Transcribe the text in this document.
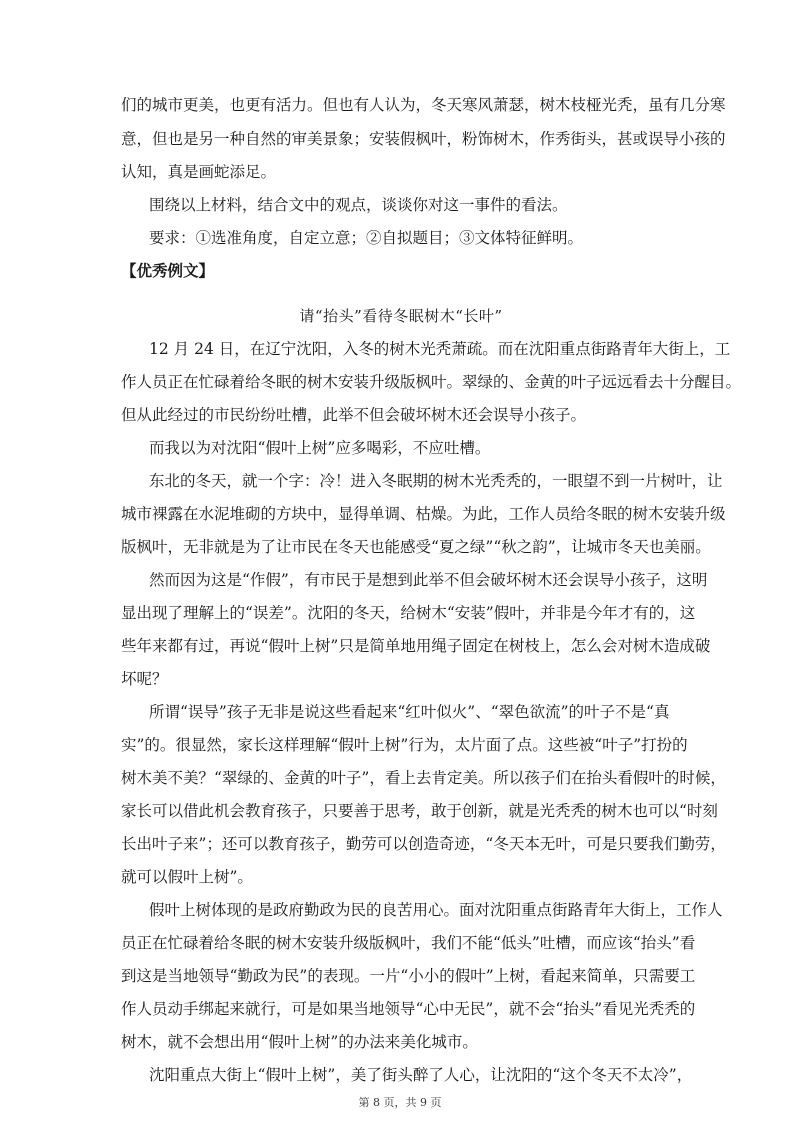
们的城市更美，也更有活力。但也有人认为，冬天寒风萧瑟，树木枝桠光秃，虽有几分寒
意，但也是另一种自然的审美景象；安装假枫叶，粉饰树木，作秀街头，甚或误导小孩的
认知，真是画蛇添足。
围绕以上材料，结合文中的观点，谈谈你对这一事件的看法。
要求：①选准角度，自定立意；②自拟题目；③文体特征鲜明。
【优秀例文】
请“抬头”看待冬眠树木“长叶”
12 月 24 日，在辽宁沈阳，入冬的树木光秃萧疏。而在沈阳重点街路青年大街上，工
作人员正在忙碌着给冬眠的树木安装升级版枫叶。翠绿的、金黄的叶子远远看去十分醒目。
但从此经过的市民纷纷吐槽，此举不但会破坏树木还会误导小孩子。
而我以为对沈阳“假叶上树”应多喝彩，不应吐槽。
东北的冬天，就一个字：冷！进入冬眠期的树木光秃秃的，一眼望不到一片树叶，让
城市裸露在水泥堆砌的方块中，显得单调、枯燥。为此，工作人员给冬眠的树木安装升级
版枫叶，无非就是为了让市民在冬天也能感受“夏之绿”“秋之韵”，让城市冬天也美丽。
然而因为这是“作假”，有市民于是想到此举不但会破坏树木还会误导小孩子，这明
显出现了理解上的“误差”。沈阳的冬天，给树木“安装”假叶，并非是今年才有的，这
些年来都有过，再说“假叶上树”只是简单地用绳子固定在树枝上，怎么会对树木造成破
坏呢？
所谓“误导”孩子无非是说这些看起来“红叶似火”、“翠色欲流”的叶子不是“真
实”的。很显然，家长这样理解“假叶上树”行为，太片面了点。这些被“叶子”打扮的
树木美不美？“翠绿的、金黄的叶子”，看上去肯定美。所以孩子们在抬头看假叶的时候，
家长可以借此机会教育孩子，只要善于思考，敢于创新，就是光秃秃的树木也可以“时刻
长出叶子来”；还可以教育孩子，勤劳可以创造奇迹，“冬天本无叶，可是只要我们勤劳，
就可以假叶上树”。
假叶上树体现的是政府勤政为民的良苦用心。面对沈阳重点街路青年大街上，工作人
员正在忙碌着给冬眠的树木安装升级版枫叶，我们不能“低头”吐槽，而应该“抬头”看
到这是当地领导“勤政为民”的表现。一片“小小的假叶”上树，看起来简单，只需要工
作人员动手绑起来就行，可是如果当地领导“心中无民”，就不会“抬头”看见光秃秃的
树木，就不会想出用“假叶上树”的办法来美化城市。
沈阳重点大街上“假叶上树”，美了街头醉了人心，让沈阳的“这个冬天不太冷”，
第 8 页，共 9 页
